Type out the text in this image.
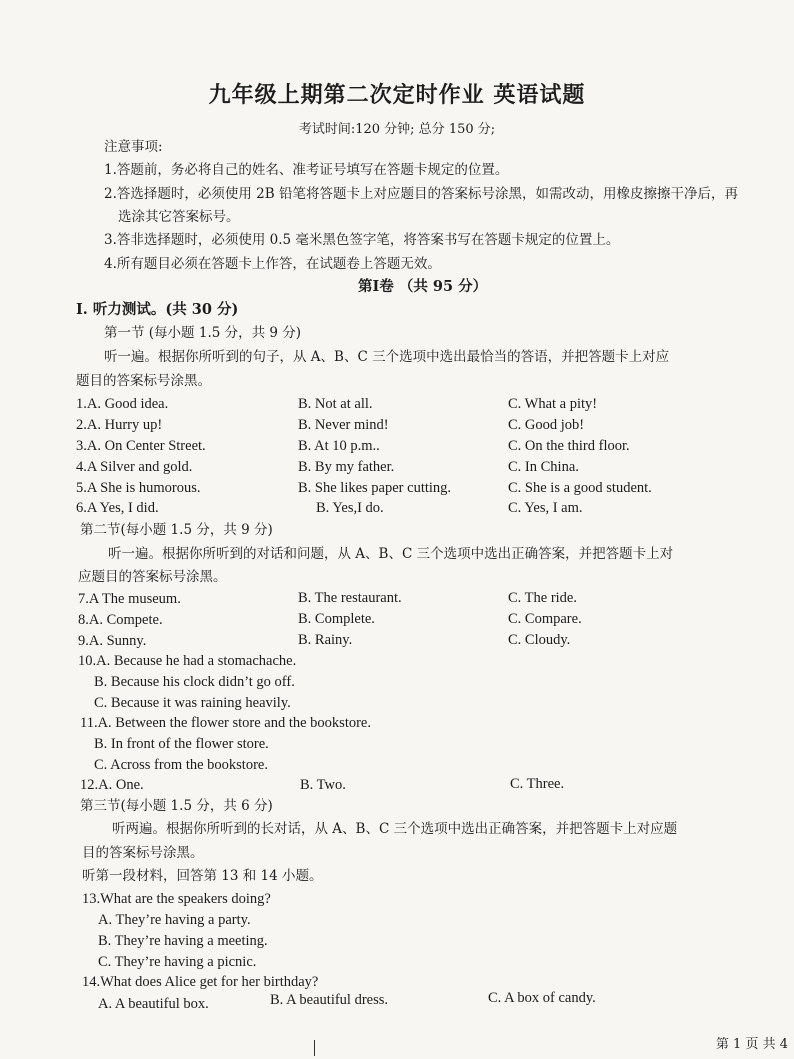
九年级上期第二次定时作业 英语试题
考试时间:120 分钟; 总分 150 分;
注意事项:
1.答题前，务必将自己的姓名、准考证号填写在答题卡规定的位置。
2.答选择题时，必须使用 2B 铅笔将答题卡上对应题目的答案标号涂黑，如需改动，用橡皮擦擦干净后，再
选涂其它答案标号。
3.答非选择题时，必须使用 0.5 毫米黑色签字笔，将答案书写在答题卡规定的位置上。
4.所有题目必须在答题卡上作答，在试题卷上答题无效。
第Ⅰ卷 （共 95 分）
I. 听力测试。(共 30 分)
第一节 (每小题 1.5 分，共 9 分)
听一遍。根据你所听到的句子，从 A、B、C 三个选项中选出最恰当的答语，并把答题卡上对应
题目的答案标号涂黑。
1.A. Good idea.	B. Not at all.	C. What a pity!
2.A. Hurry up!	B. Never mind!	C. Good job!
3.A. On Center Street.	B. At 10 p.m..	C. On the third floor.
4.A Silver and gold.	B. By my father.	C. In China.
5.A She is humorous.	B. She likes paper cutting.	C. She is a good student.
6.A Yes, I did.	B. Yes,I do.	C. Yes, I am.
第二节(每小题 1.5 分，共 9 分)
听一遍。根据你所听到的对话和问题，从 A、B、C 三个选项中选出正确答案，并把答题卡上对
应题目的答案标号涂黑。
7.A The museum.	B. The restaurant.	C. The ride.
8.A. Compete.	B. Complete.	C. Compare.
9.A. Sunny.	B. Rainy.	C. Cloudy.
10.A. Because he had a stomachache.
B. Because his clock didn’t go off.
C. Because it was raining heavily.
11.A. Between the flower store and the bookstore.
B. In front of the flower store.
C. Across from the bookstore.
12.A. One.	B. Two.	C. Three.
第三节(每小题 1.5 分，共 6 分)
听两遍。根据你所听到的长对话，从 A、B、C 三个选项中选出正确答案，并把答题卡上对应题
目的答案标号涂黑。
听第一段材料，回答第 13 和 14 小题。
13.What are the speakers doing?
A. They’re having a party.
B. They’re having a meeting.
C. They’re having a picnic.
14.What does Alice get for her birthday?
A. A beautiful box.	B. A beautiful dress.	C. A box of candy.
第 1 页 共 4
